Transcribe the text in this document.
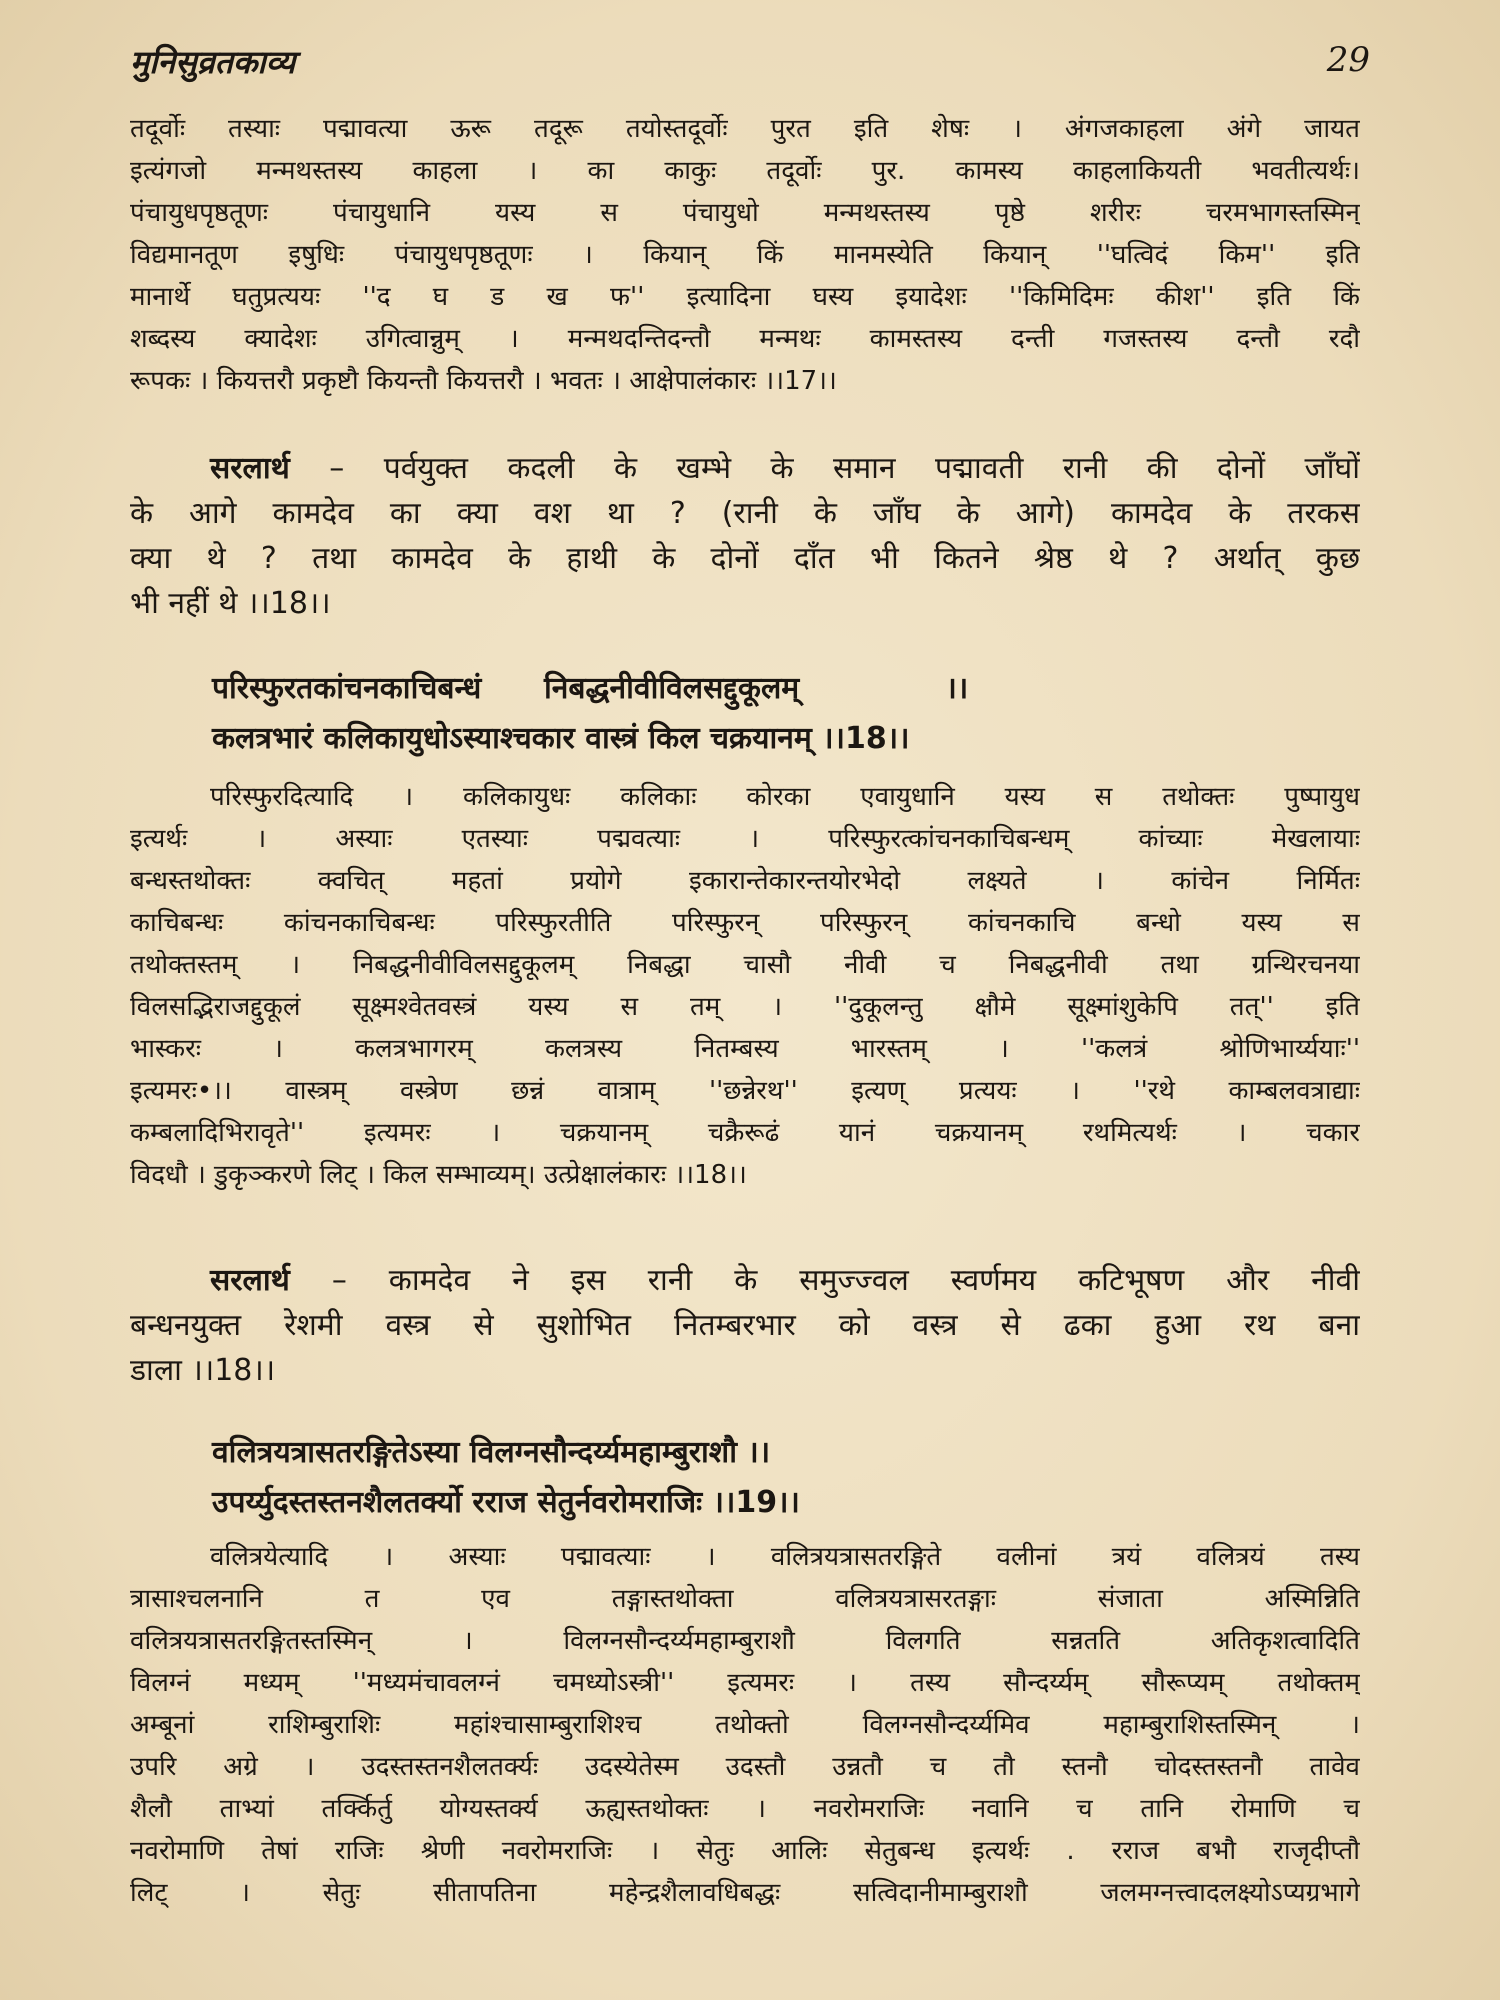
मुनिसुव्रतकाव्य	29
तदूर्वोः तस्याः पद्मावत्या ऊरू तदूरू तयोस्तदूर्वोः पुरत इति शेषः । अंगजकाहला अंगे जायत
इत्यंगजो मन्मथस्तस्य काहला । का काकुः तदूर्वोः पुर. कामस्य काहलाकियती भवतीत्यर्थः।
पंचायुधपृष्ठतूणः पंचायुधानि यस्य स पंचायुधो मन्मथस्तस्य पृष्ठे शरीरः चरमभागस्तस्मिन्
विद्यमानतूण इषुधिः पंचायुधपृष्ठतूणः । कियान् किं मानमस्येति कियान् ''घत्विदं किम'' इति
मानार्थे घतुप्रत्ययः ''द घ ड ख फ'' इत्यादिना घस्य इयादेशः ''किमिदिमः कीश'' इति किं
शब्दस्य क्यादेशः उगित्वान्नुम् । मन्मथदन्तिदन्तौ मन्मथः कामस्तस्य दन्ती गजस्तस्य दन्तौ रदौ
रूपकः । कियत्तरौ प्रकृष्टौ कियन्तौ कियत्तरौ । भवतः । आक्षेपालंकारः ।।17।।
सरलार्थ – पर्वयुक्त कदली के खम्भे के समान पद्मावती रानी की दोनों जाँघों
के आगे कामदेव का क्या वश था ? (रानी के जाँघ के आगे) कामदेव के तरकस
क्या थे ? तथा कामदेव के हाथी के दोनों दाँत भी कितने श्रेष्ठ थे ? अर्थात् कुछ
भी नहीं थे ।।18।।
परिस्फुरतकांचनकाचिबन्धं      निबद्धनीवीविलसद्दुकूलम्              ।।
कलत्रभारं कलिकायुधोऽस्याश्चकार वास्त्रं किल चक्रयानम् ।।18।।
परिस्फुरदित्यादि । कलिकायुधः कलिकाः कोरका एवायुधानि यस्य स तथोक्तः पुष्पायुध
इत्यर्थः । अस्याः एतस्याः पद्मवत्याः । परिस्फुरत्कांचनकाचिबन्धम् कांच्याः मेखलायाः
बन्धस्तथोक्तः क्वचित् महतां प्रयोगे इकारान्तेकारन्तयोरभेदो लक्ष्यते । कांचेन निर्मितः
काचिबन्धः कांचनकाचिबन्धः परिस्फुरतीति परिस्फुरन् परिस्फुरन् कांचनकाचि बन्धो यस्य स
तथोक्तस्तम् । निबद्धनीवीविलसद्दुकूलम् निबद्धा चासौ नीवी च निबद्धनीवी तथा ग्रन्थिरचनया
विलसद्भिराजद्दुकूलं सूक्ष्मश्वेतवस्त्रं यस्य स तम् । ''दुकूलन्तु क्षौमे सूक्ष्मांशुकेपि तत्'' इति
भास्करः । कलत्रभागरम् कलत्रस्य नितम्बस्य भारस्तम् । ''कलत्रं श्रोणिभार्य्ययाः''
इत्यमरः•।। वास्त्रम् वस्त्रेण छन्नं वात्राम् ''छन्नेरथ'' इत्यण् प्रत्ययः । ''रथे काम्बलवत्राद्याः
कम्बलादिभिरावृते'' इत्यमरः । चक्रयानम् चक्रैरूढं यानं चक्रयानम् रथमित्यर्थः । चकार
विदधौ । डुकृञ्करणे लिट् । किल सम्भाव्यम्। उत्प्रेक्षालंकारः ।।18।।
सरलार्थ – कामदेव ने इस रानी के समुज्ज्वल स्वर्णमय कटिभूषण और नीवी
बन्धनयुक्त रेशमी वस्त्र से सुशोभित नितम्बरभार को वस्त्र से ढका हुआ रथ बना
डाला ।।18।।
वलित्रयत्रासतरङ्गितेऽस्या विलग्नसौन्दर्य्यमहाम्बुराशौ ।।
उपर्य्युदस्तस्तनशैलतर्क्यो रराज सेतुर्नवरोमराजिः ।।19।।
वलित्रयेत्यादि । अस्याः पद्मावत्याः । वलित्रयत्रासतरङ्गिते वलीनां त्रयं वलित्रयं तस्य
त्रासाश्चलनानि त एव तङ्गास्तथोक्ता वलित्रयत्रासरतङ्गाः संजाता अस्मिन्निति
वलित्रयत्रासतरङ्गितस्तस्मिन् । विलग्नसौन्दर्य्यमहाम्बुराशौ विलगति सन्नतति अतिकृशत्वादिति
विलग्नं मध्यम् ''मध्यमंचावलग्नं चमध्योऽस्त्री'' इत्यमरः । तस्य सौन्दर्य्यम् सौरूप्यम् तथोक्तम्
अम्बूनां राशिम्बुराशिः महांश्चासाम्बुराशिश्च तथोक्तो विलग्नसौन्दर्य्यमिव महाम्बुराशिस्तस्मिन् ।
उपरि अग्रे । उदस्तस्तनशैलतर्क्यः उदस्येतेस्म उदस्तौ उन्नतौ च तौ स्तनौ चोदस्तस्तनौ तावेव
शैलौ ताभ्यां तर्क्किर्तु योग्यस्तर्क्य ऊह्यस्तथोक्तः । नवरोमराजिः नवानि च तानि रोमाणि च
नवरोमाणि तेषां राजिः श्रेणी नवरोमराजिः । सेतुः आलिः सेतुबन्ध इत्यर्थः . रराज बभौ राजृदीप्तौ
लिट् । सेतुः सीतापतिना महेन्द्रशैलावधिबद्धः सत्विदानीमाम्बुराशौ जलमग्नत्त्वादलक्ष्योऽप्यग्रभागे
